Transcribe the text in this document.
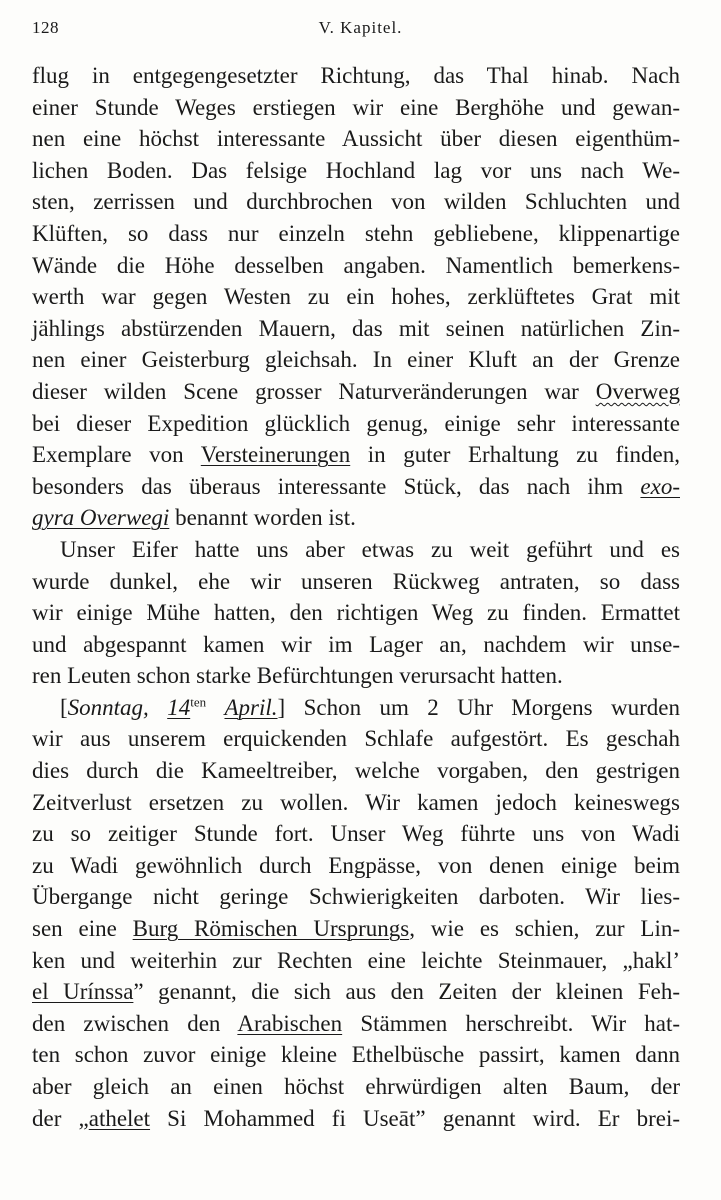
128	V. Kapitel.
flug in entgegengesetzter Richtung, das Thal hinab. Nach
einer Stunde Weges erstiegen wir eine Berghöhe und gewan-
nen eine höchst interessante Aussicht über diesen eigenthüm-
lichen Boden. Das felsige Hochland lag vor uns nach We-
sten, zerrissen und durchbrochen von wilden Schluchten und
Klüften, so dass nur einzeln stehn gebliebene, klippenartige
Wände die Höhe desselben angaben. Namentlich bemerkens-
werth war gegen Westen zu ein hohes, zerklüftetes Grat mit
jählings abstürzenden Mauern, das mit seinen natürlichen Zin-
nen einer Geisterburg gleichsah. In einer Kluft an der Grenze
dieser wilden Scene grosser Naturveränderungen war Overweg
bei dieser Expedition glücklich genug, einige sehr interessante
Exemplare von Versteinerungen in guter Erhaltung zu finden,
besonders das überaus interessante Stück, das nach ihm exo-
gyra Overwegi benannt worden ist.
Unser Eifer hatte uns aber etwas zu weit geführt und es
wurde dunkel, ehe wir unseren Rückweg antraten, so dass
wir einige Mühe hatten, den richtigen Weg zu finden. Ermattet
und abgespannt kamen wir im Lager an, nachdem wir unse-
ren Leuten schon starke Befürchtungen verursacht hatten.
[Sonntag, $14^{ten}$ April.] Schon um 2 Uhr Morgens wurden
wir aus unserem erquickenden Schlafe aufgestört. Es geschah
dies durch die Kameeltreiber, welche vorgaben, den gestrigen
Zeitverlust ersetzen zu wollen. Wir kamen jedoch keineswegs
zu so zeitiger Stunde fort. Unser Weg führte uns von Wadi
zu Wadi gewöhnlich durch Engpässe, von denen einige beim
Übergange nicht geringe Schwierigkeiten darboten. Wir lies-
sen eine Burg Römischen Ursprungs, wie es schien, zur Lin-
ken und weiterhin zur Rechten eine leichte Steinmauer, „hakl’
el Urínssa” genannt, die sich aus den Zeiten der kleinen Feh-
den zwischen den Arabischen Stämmen herschreibt. Wir hat-
ten schon zuvor einige kleine Ethelbüsche passirt, kamen dann
aber gleich an einen höchst ehrwürdigen alten Baum, der
der „athelet Si Mohammed fi Useāt” genannt wird. Er brei-
